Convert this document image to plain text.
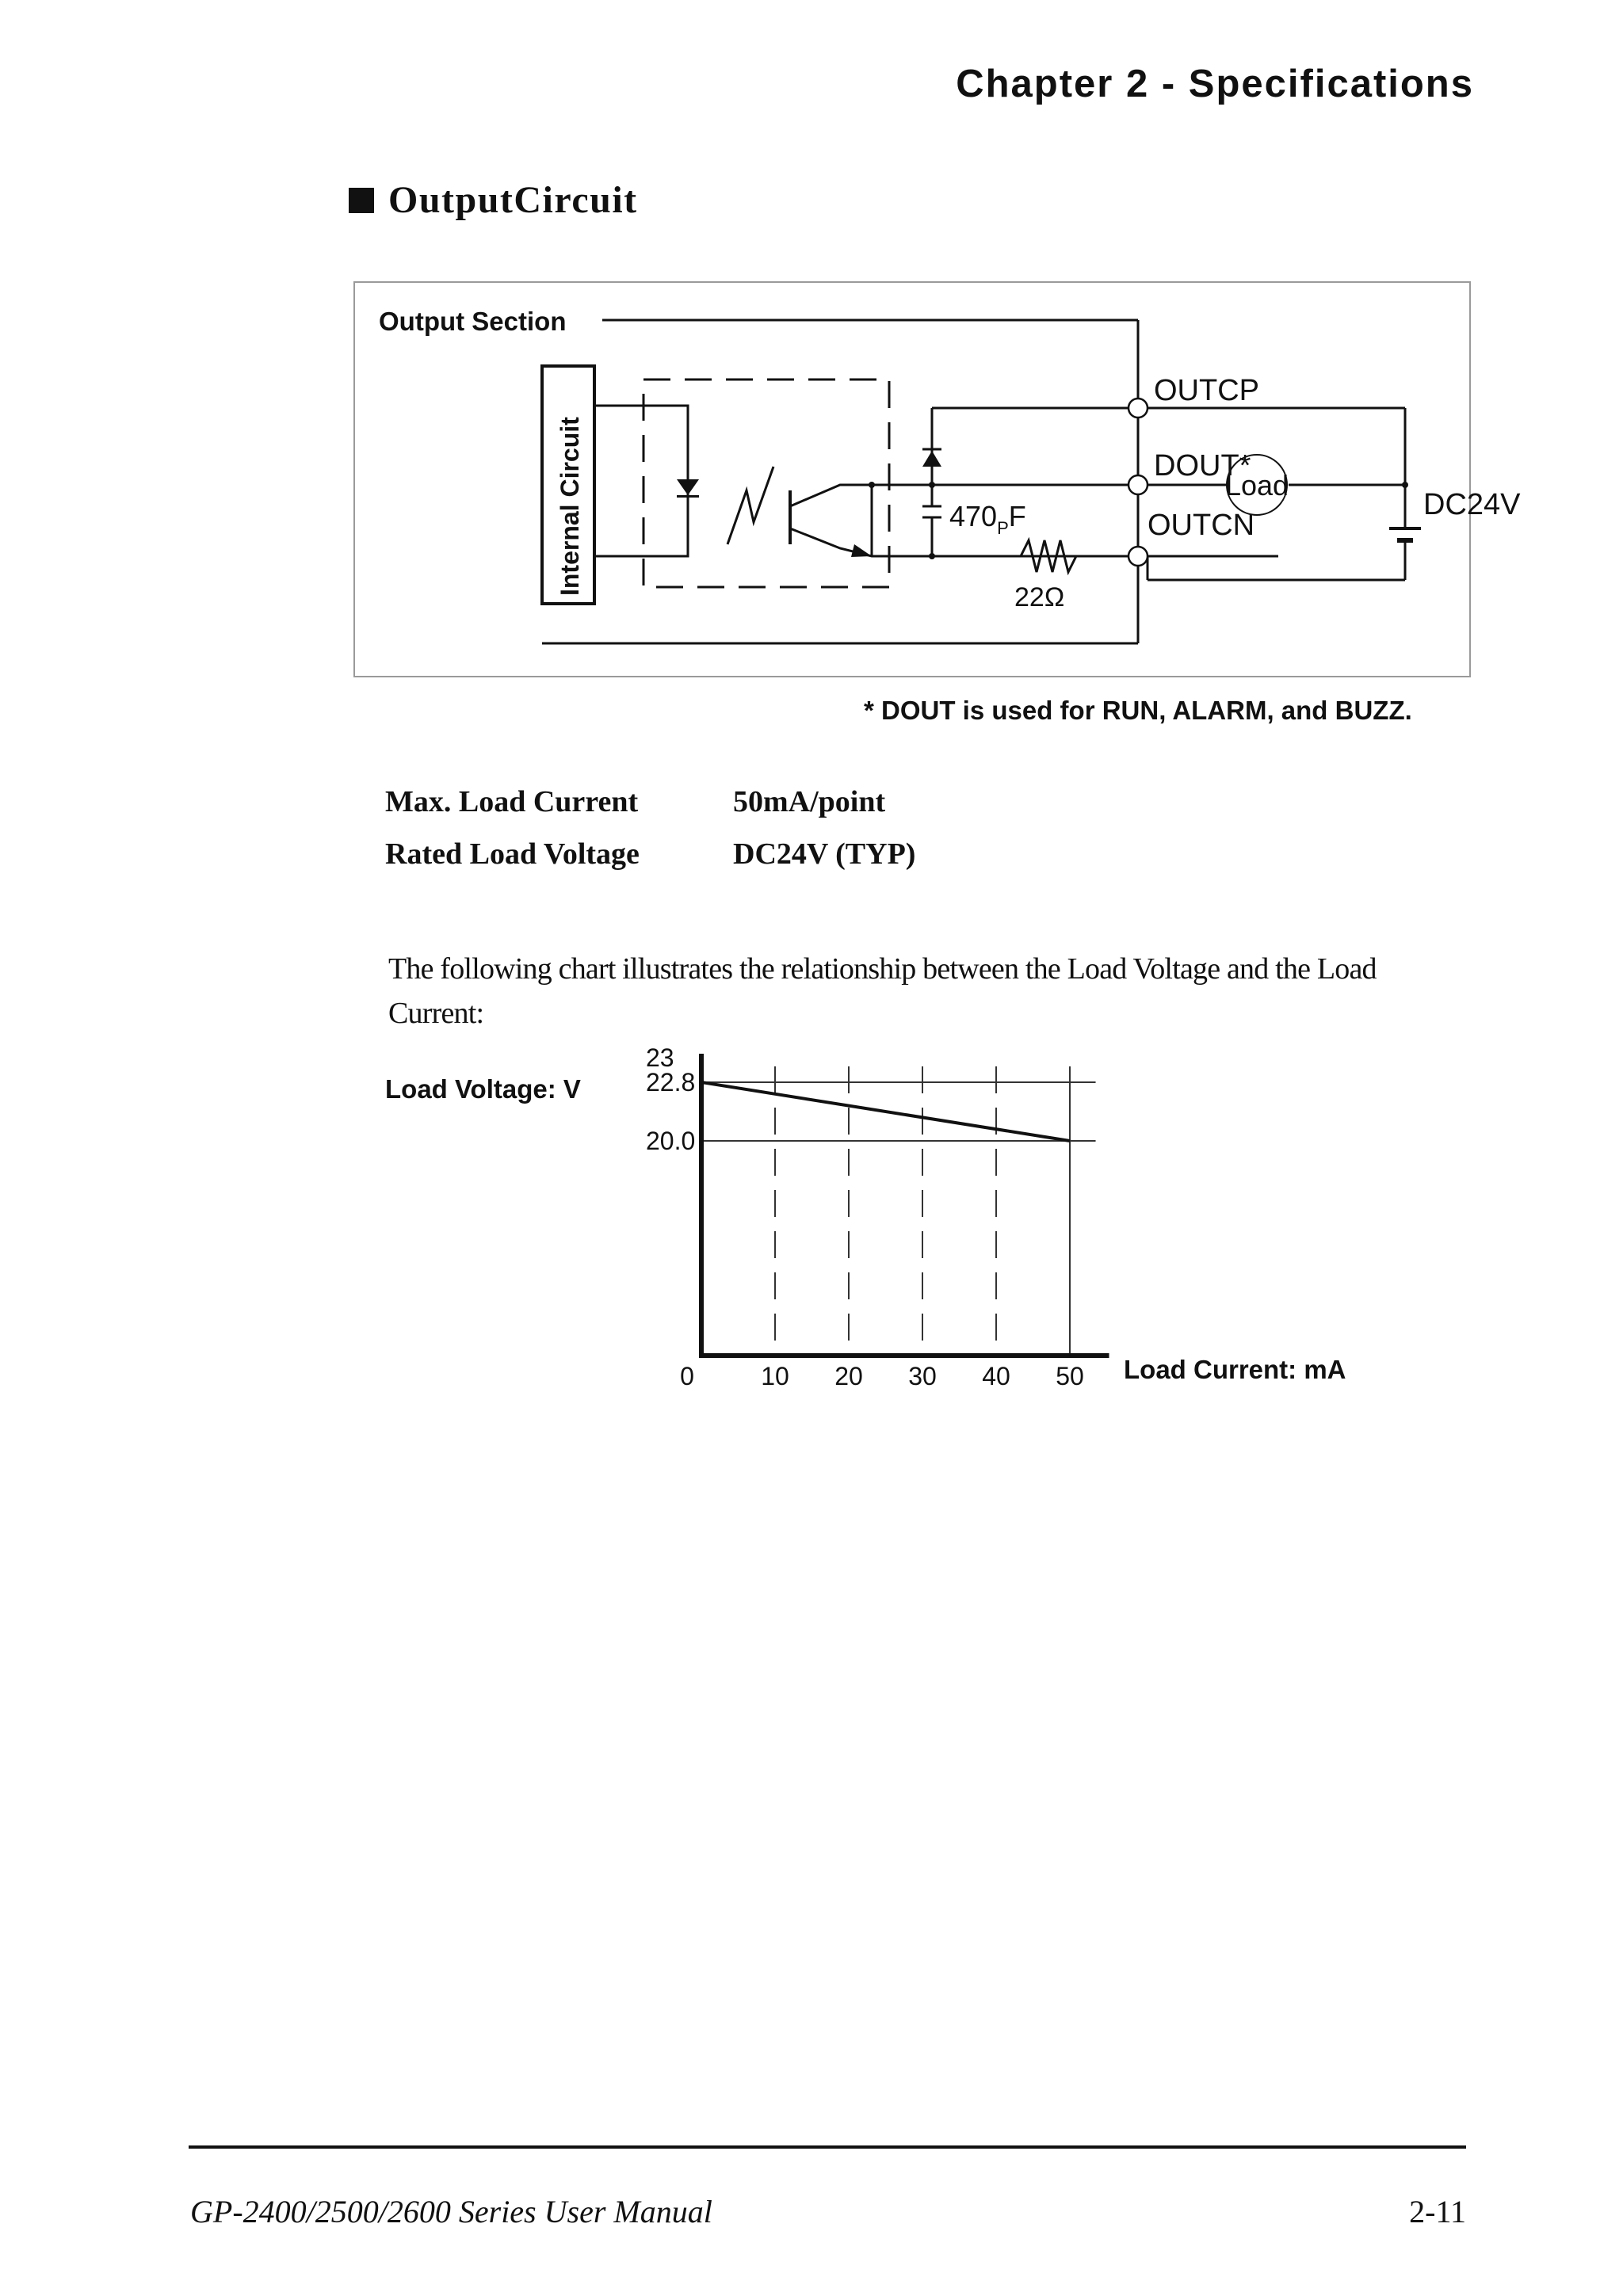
Chapter 2 - Specifications
OutputCircuit
Output Section
Internal Circuit
OUTCP
DOUT*
OUTCN
Load
DC24V
$470_PF$
22Ω
* DOUT is used for RUN, ALARM, and BUZZ.
Max. Load Current	50mA/point
Rated Load Voltage	DC24V (TYP)
The following chart illustrates the relationship between the Load Voltage and the Load Current:
Load Voltage: V
Load Current: mA
10 20 30 40 50
0
23
22.8
20.0
GP-2400/2500/2600 Series User Manual	2-11
